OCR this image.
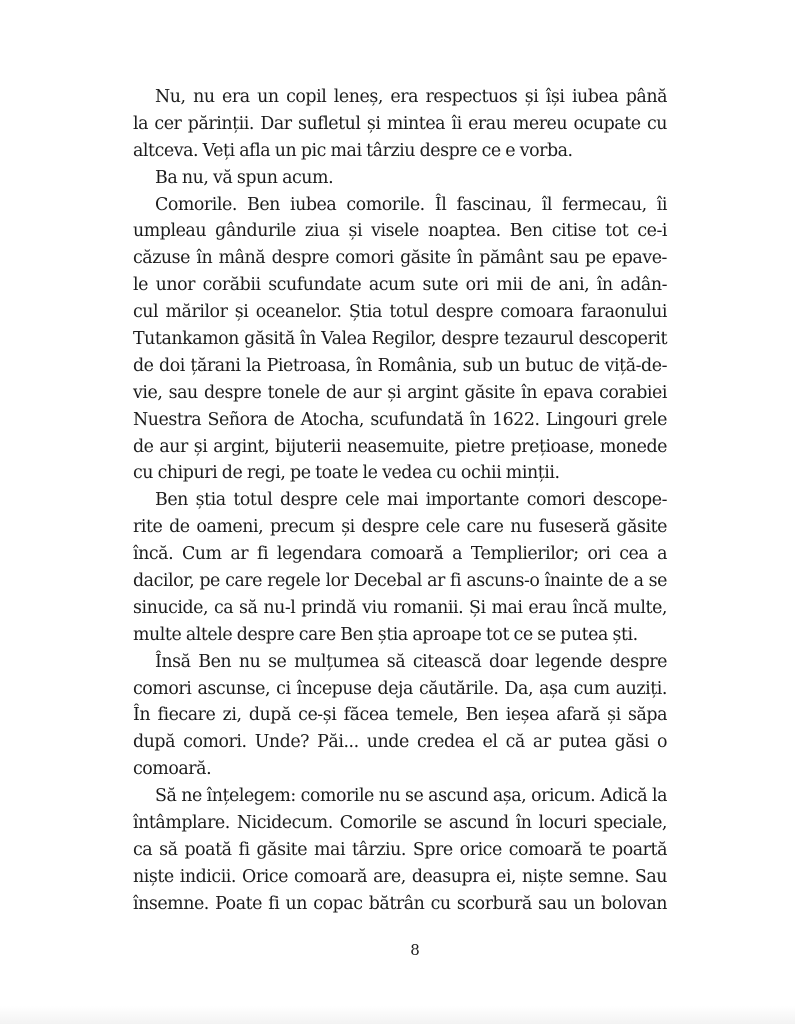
Nu, nu era un copil leneș, era respectuos și își iubea până
la cer părinții. Dar sufletul și mintea îi erau mereu ocupate cu
altceva. Veți afla un pic mai târziu despre ce e vorba.
Ba nu, vă spun acum.
Comorile. Ben iubea comorile. Îl fascinau, îl fermecau, îi
umpleau gândurile ziua și visele noaptea. Ben citise tot ce-i
căzuse în mână despre comori găsite în pământ sau pe epave-
le unor corăbii scufundate acum sute ori mii de ani, în adân-
cul mărilor și oceanelor. Știa totul despre comoara faraonului
Tutankamon găsită în Valea Regilor, despre tezaurul descoperit
de doi țărani la Pietroasa, în România, sub un butuc de viță-de-
vie, sau despre tonele de aur și argint găsite în epava corabiei
Nuestra Señora de Atocha, scufundată în 1622. Lingouri grele
de aur și argint, bijuterii neasemuite, pietre prețioase, monede
cu chipuri de regi, pe toate le vedea cu ochii minții.
Ben știa totul despre cele mai importante comori descope-
rite de oameni, precum și despre cele care nu fuseseră găsite
încă. Cum ar fi legendara comoară a Templierilor; ori cea a
dacilor, pe care regele lor Decebal ar fi ascuns-o înainte de a se
sinucide, ca să nu-l prindă viu romanii. Și mai erau încă multe,
multe altele despre care Ben știa aproape tot ce se putea ști.
Însă Ben nu se mulțumea să citească doar legende despre
comori ascunse, ci începuse deja căutările. Da, așa cum auziți.
În fiecare zi, după ce-și făcea temele, Ben ieșea afară și săpa
după comori. Unde? Păi... unde credea el că ar putea găsi o
comoară.
Să ne înțelegem: comorile nu se ascund așa, oricum. Adică la
întâmplare. Nicidecum. Comorile se ascund în locuri speciale,
ca să poată fi găsite mai târziu. Spre orice comoară te poartă
niște indicii. Orice comoară are, deasupra ei, niște semne. Sau
însemne. Poate fi un copac bătrân cu scorbură sau un bolovan
8
